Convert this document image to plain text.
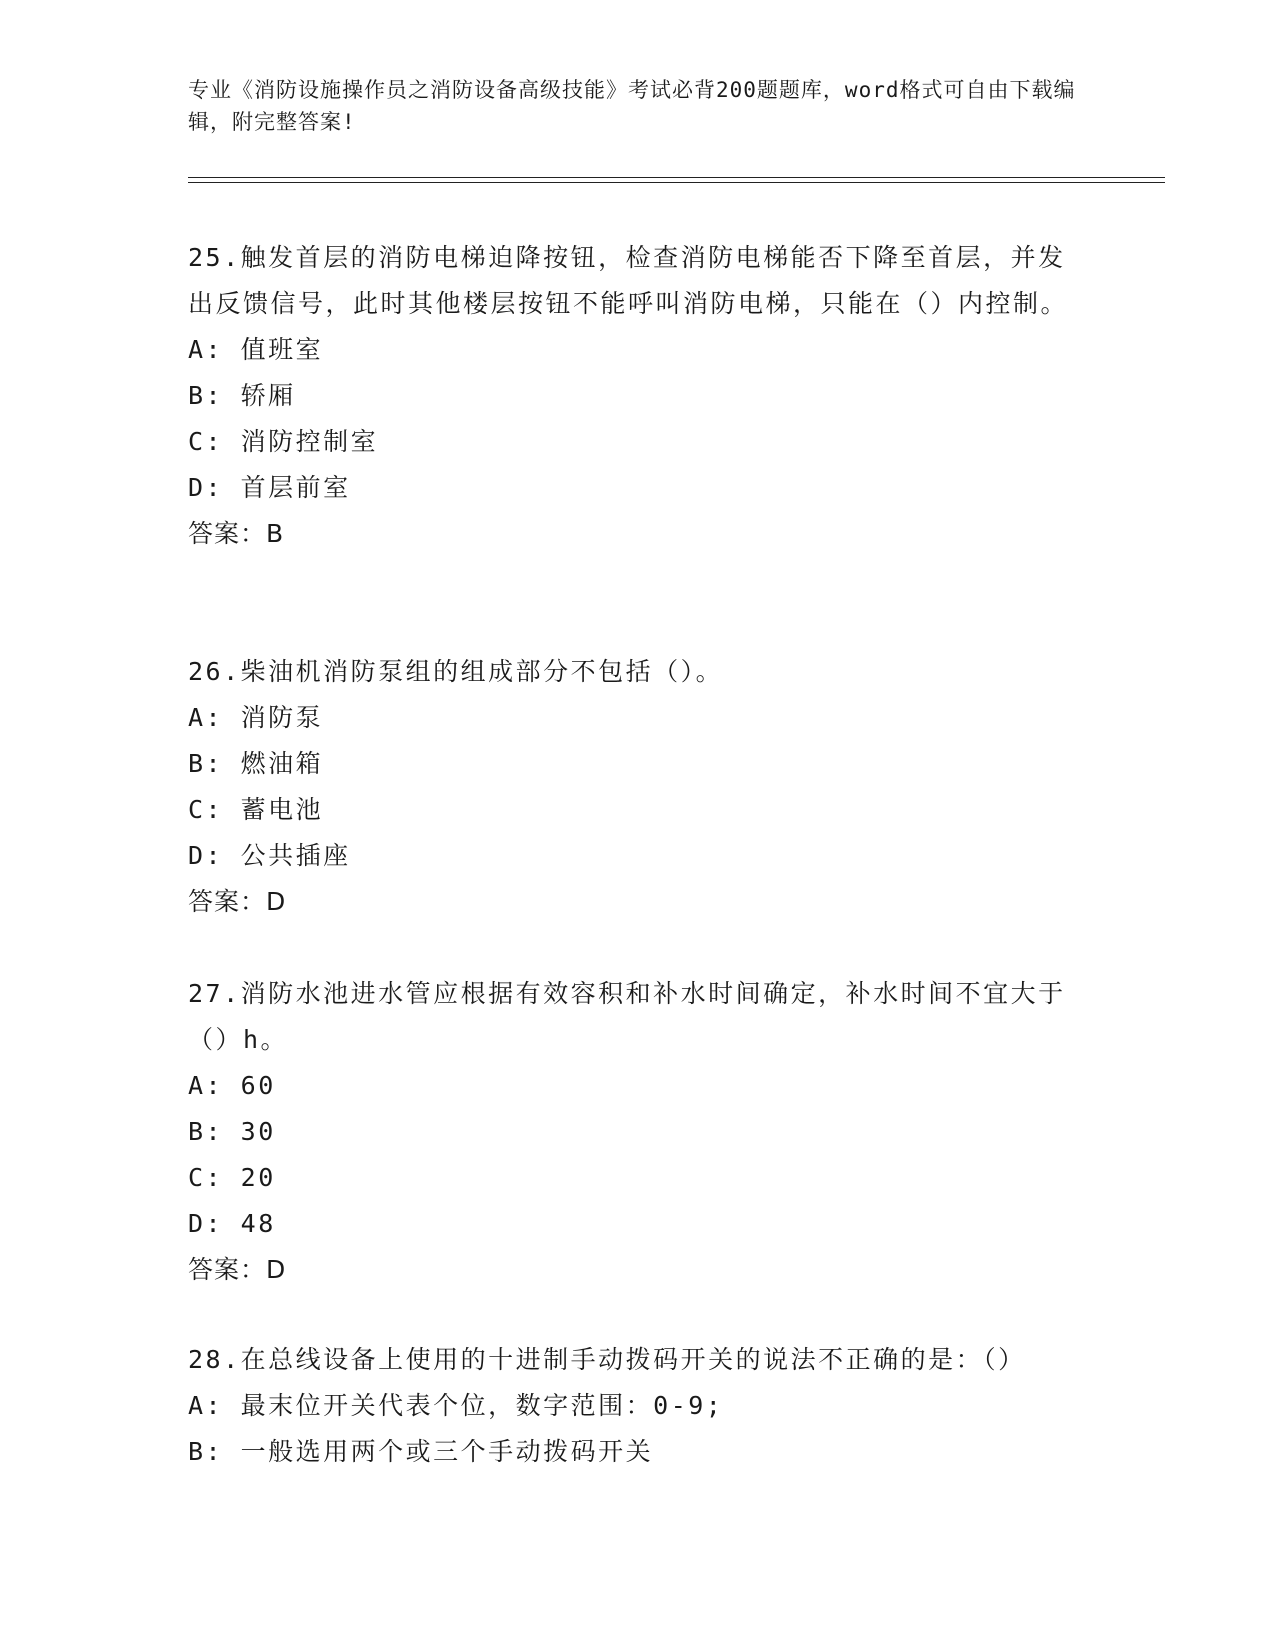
专业《消防设施操作员之消防设备高级技能》考试必背200题题库，word格式可自由下载编辑，附完整答案!
25.触发首层的消防电梯迫降按钮，检查消防电梯能否下降至首层，并发出反馈信号，此时其他楼层按钮不能呼叫消防电梯，只能在（）内控制。
A: 值班室
B: 轿厢
C: 消防控制室
D: 首层前室
答案：B
26.柴油机消防泵组的组成部分不包括（）。
A: 消防泵
B: 燃油箱
C: 蓄电池
D: 公共插座
答案：D
27.消防水池进水管应根据有效容积和补水时间确定，补水时间不宜大于（）h。
A: 60
B: 30
C: 20
D: 48
答案：D
28.在总线设备上使用的十进制手动拨码开关的说法不正确的是：（）
A: 最末位开关代表个位，数字范围：0-9;
B: 一般选用两个或三个手动拨码开关
